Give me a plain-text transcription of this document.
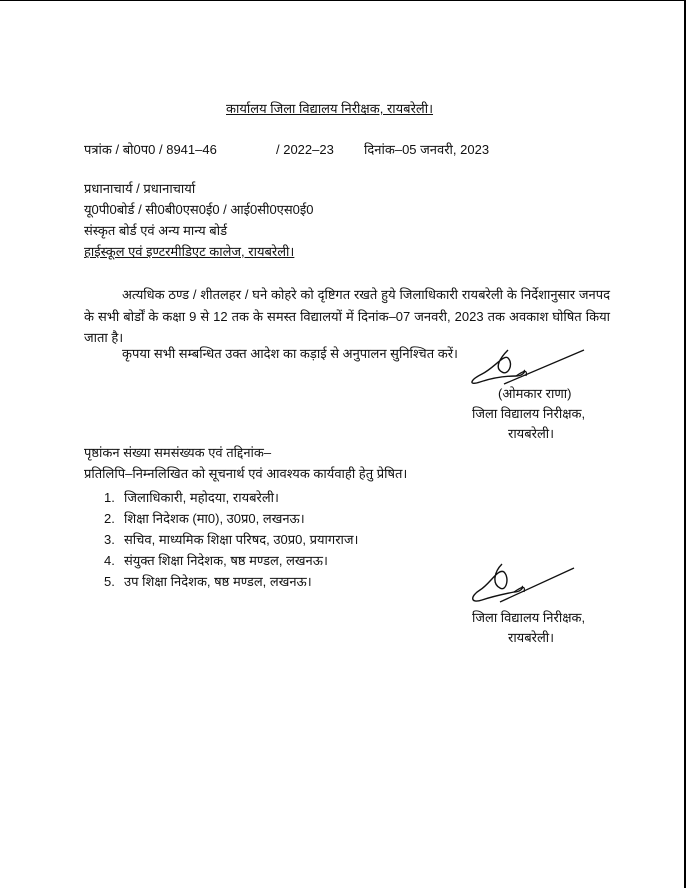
कार्यालय जिला विद्यालय निरीक्षक, रायबरेली।
पत्रांक / बो0प0 / 8941–46	/ 2022–23 दिनांक–05 जनवरी, 2023
प्रधानाचार्य / प्रधानाचार्या
यू0पी0बोर्ड / सी0बी0एस0ई0 / आई0सी0एस0ई0
संस्कृत बोर्ड एवं अन्य मान्य बोर्ड
हाईस्कूल एवं इण्टरमीडिएट कालेज, रायबरेली।
अत्यधिक ठण्ड / शीतलहर / घने कोहरे को दृष्टिगत रखते हुये जिलाधिकारी रायबरेली के निर्देशानुसार जनपद के सभी बोर्डों के कक्षा 9 से 12 तक के समस्त विद्यालयों में दिनांक–07 जनवरी, 2023 तक अवकाश घोषित किया जाता है।
कृपया सभी सम्बन्धित उक्त आदेश का कड़ाई से अनुपालन सुनिश्चित करें।
(ओमकार राणा)
जिला विद्यालय निरीक्षक,
रायबरेली।
पृष्ठांकन संख्या समसंख्यक एवं तद्दिनांक–
प्रतिलिपि–निम्नलिखित को सूचनार्थ एवं आवश्यक कार्यवाही हेतु प्रेषित।
1. जिलाधिकारी, महोदया, रायबरेली।
2. शिक्षा निदेशक (मा0), उ0प्र0, लखनऊ।
3. सचिव, माध्यमिक शिक्षा परिषद, उ0प्र0, प्रयागराज।
4. संयुक्त शिक्षा निदेशक, षष्ठ मण्डल, लखनऊ।
5. उप शिक्षा निदेशक, षष्ठ मण्डल, लखनऊ।
जिला विद्यालय निरीक्षक,
रायबरेली।
